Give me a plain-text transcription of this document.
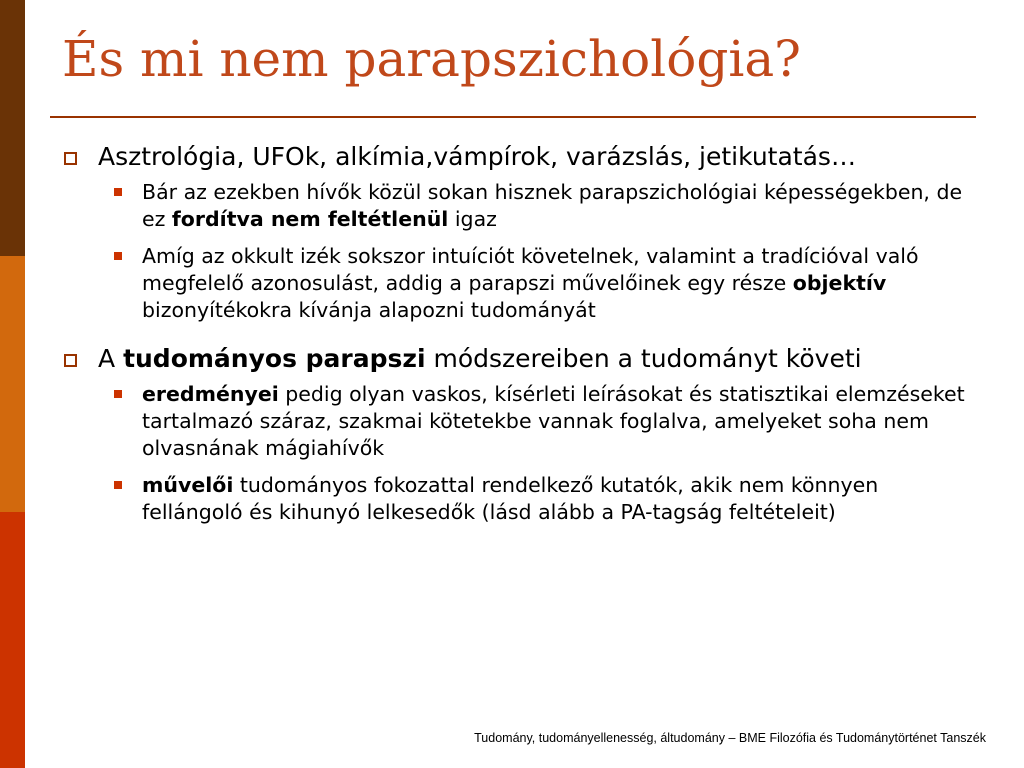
És mi nem parapszichológia?
Asztrológia, UFOk, alkímia,vámpírok, varázslás, jetikutatás…
Bár az ezekben hívők közül sokan hisznek parapszichológiai képességekben, de ez fordítva nem feltétlenül igaz
Amíg az okkult izék sokszor intuíciót követelnek, valamint a tradícióval való megfelelő azonosulást, addig a parapszi művelőinek egy része objektív bizonyítékokra kívánja alapozni tudományát
A tudományos parapszi módszereiben a tudományt követi
eredményei pedig olyan vaskos, kísérleti leírásokat és statisztikai elemzéseket tartalmazó száraz, szakmai kötetekbe vannak foglalva, amelyeket soha nem olvasnának mágiahívők
művelői tudományos fokozattal rendelkező kutatók, akik nem könnyen fellángoló és kihunyó lelkesedők (lásd alább a PA-tagság feltételeit)
Tudomány, tudományellenesség, áltudomány – BME Filozófia és Tudománytörténet Tanszék
